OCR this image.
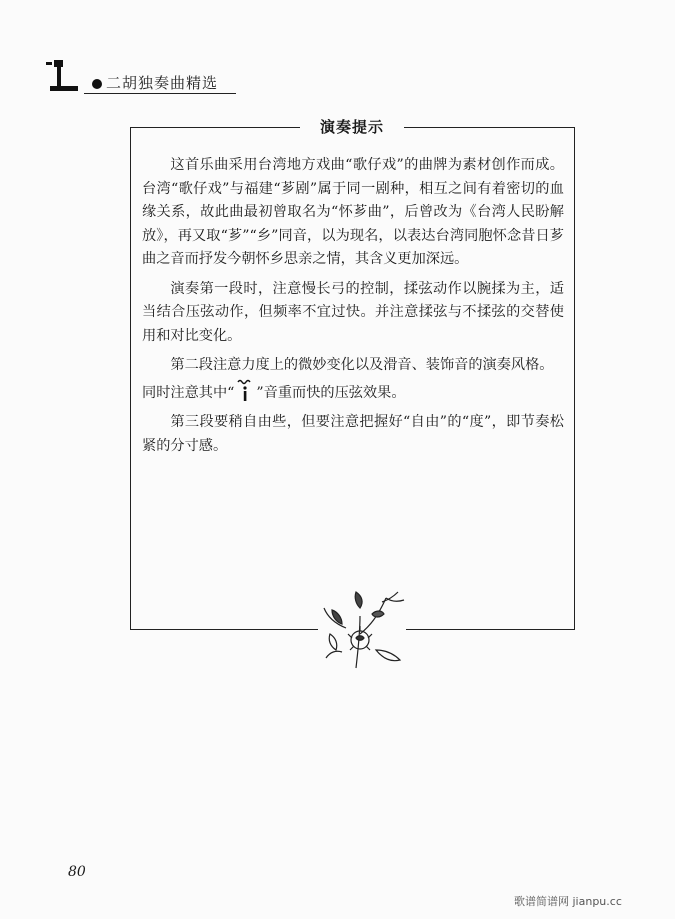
二胡独奏曲精选
演奏提示

这首乐曲采用台湾地方戏曲“歌仔戏”的曲牌为素材创作而成。台湾“歌仔戏”与福建“芗剧”属于同一剧种，相互之间有着密切的血缘关系，故此曲最初曾取名为“怀芗曲”，后曾改为《台湾人民盼解放》，再又取“芗”“乡”同音，以为现名，以表达台湾同胞怀念昔日芗曲之音而抒发今朝怀乡思亲之情，其含义更加深远。

演奏第一段时，注意慢长弓的控制，揉弦动作以腕揉为主，适当结合压弦动作，但频率不宜过快。并注意揉弦与不揉弦的交替使用和对比变化。

第二段注意力度上的微妙变化以及滑音、装饰音的演奏风格。

同时注意其中“ ”音重而快的压弦效果。

第三段要稍自由些，但要注意把握好“自由”的“度”，即节奏松紧的分寸感。

80
歌谱简谱网 jianpu.cc
